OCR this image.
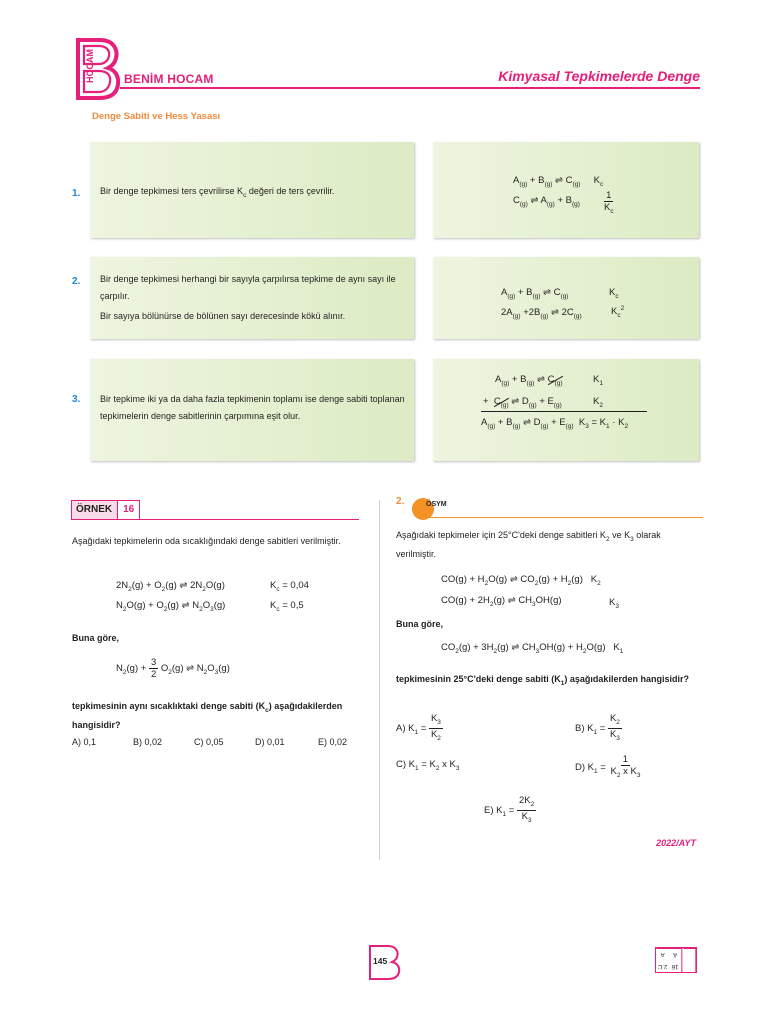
HOCAM BENİM HOCAM	Kimyasal Tepkimelerde Denge
Denge Sabiti ve Hess Yasası
1. Bir denge tepkimesi ters çevrilirse $K_c$ değeri de ters çevrilir.
$A_{(g)} + B_{(g)}$ ⇌ $C_{(g)}$     $K_c$
$C_{(g)}$ ⇌ $A_{(g)} + B_{(g)}$	$\frac{1}{K_c}$
2. Bir denge tepkimesi herhangi bir sayıyla çarpılırsa tepkime de aynı sayı ile çarpılır.
Bir sayıya bölünürse de bölünen sayı derecesinde kökü alınır.
$A_{(g)} + B_{(g)}$ ⇌ $C_{(g)}$	$K_c$
$2A_{(g)} +2B_{(g)}$ ⇌ $2C_{(g)}$	$K_c^2$
3. Bir tepkime iki ya da daha fazla tepkimenin toplamı ise denge sabiti toplanan tepkimelerin denge sabitlerinin çarpımına eşit olur.
$A_{(g)} + B_{(g)}$ ⇌ $C_{(g)}$	$K_1$
+  $C_{(g)}$ ⇌ $D_{(g)} + E_{(g)}$	$K_2$
$A_{(g)} + B_{(g)}$ ⇌ $D_{(g)} + E_{(g)}$  $K_3 = K_1 \cdot K_2$
ÖRNEK	16
Aşağıdaki tepkimelerin oda sıcaklığındaki denge sabitleri verilmiştir.
$2N_2(g) + O_2(g)$ ⇌ $2N_2O(g)$	$K_c = 0,04$
$N_2O(g) + O_2(g)$ ⇌ $N_2O_3(g)$	$K_c = 0,5$
Buna göre,
$N_2(g) + \frac{3}{2} O_2(g)$ ⇌ $N_2O_3(g)$
tepkimesinin aynı sıcaklıktaki denge sabiti $(K_c)$ aşağıdakilerden hangisidir?
A) 0,1	B) 0,02	C) 0,05	D) 0,01	E) 0,02
2.	ÖSYM
Aşağıdaki tepkimeler için 25°C'deki denge sabitleri $K_2$ ve $K_3$ olarak verilmiştir.
$CO(g) + H_2O(g)$ ⇌ $CO_2(g) + H_2(g)$   $K_2$
$CO(g) + 2H_2(g)$ ⇌ $CH_3OH(g)$	$K_3$
Buna göre,
$CO_2(g) + 3H_2(g)$ ⇌ $CH_3OH(g) + H_2O(g)$   $K_1$
tepkimesinin 25°C'deki denge sabiti $(K_1)$ aşağıdakilerden hangisidir?
A) $K_1 = \frac{K_3}{K_2}$	B) $K_1 = \frac{K_2}{K_3}$
C) $K_1 = K_2$ x $K_3$	D) $K_1 = \frac{1}{K_2 x K_3}$
E) $K_1 = \frac{2K_2}{K_3}$
2022/AYT
145
A	A
2.C 16
